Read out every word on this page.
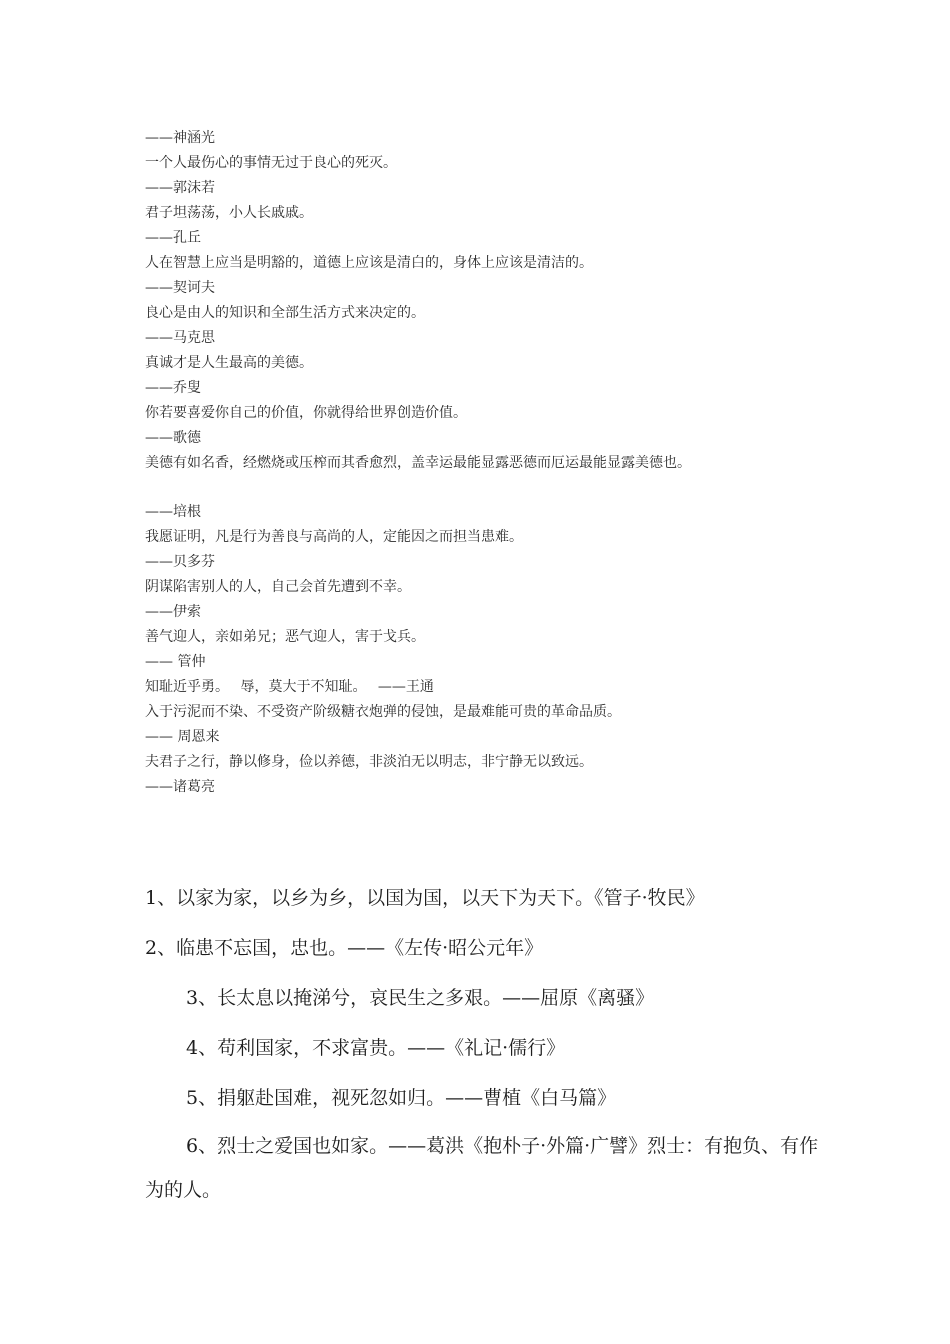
——神涵光
一个人最伤心的事情无过于良心的死灭。
——郭沫若
君子坦荡荡，小人长戚戚。
——孔丘
人在智慧上应当是明豁的，道德上应该是清白的，身体上应该是清洁的。
——契诃夫
良心是由人的知识和全部生活方式来决定的。
——马克思
真诚才是人生最高的美德。
——乔叟
你若要喜爱你自己的价值，你就得给世界创造价值。
——歌德
美德有如名香，经燃烧或压榨而其香愈烈，盖幸运最能显露恶德而厄运最能显露美德也。
——培根
我愿证明，凡是行为善良与高尚的人，定能因之而担当患难。
——贝多芬
阴谋陷害别人的人，自己会首先遭到不幸。
——伊索
善气迎人，亲如弟兄；恶气迎人，害于戈兵。
—— 管仲
知耻近乎勇。　 辱，莫大于不知耻。　 ——王通
入于污泥而不染、不受资产阶级糖衣炮弹的侵蚀，是最难能可贵的革命品质。
—— 周恩来
夫君子之行，静以修身，俭以养德，非淡泊无以明志，非宁静无以致远。
——诸葛亮
1、以家为家，以乡为乡，以国为国，以天下为天下。《管子·牧民》
2、临患不忘国，忠也。——《左传·昭公元年》
3、长太息以掩涕兮，哀民生之多艰。——屈原《离骚》
4、苟利国家，不求富贵。——《礼记·儒行》
5、捐躯赴国难，视死忽如归。——曹植《白马篇》
6、烈士之爱国也如家。——葛洪《抱朴子·外篇·广譬》烈士：有抱负、有作为的人。
